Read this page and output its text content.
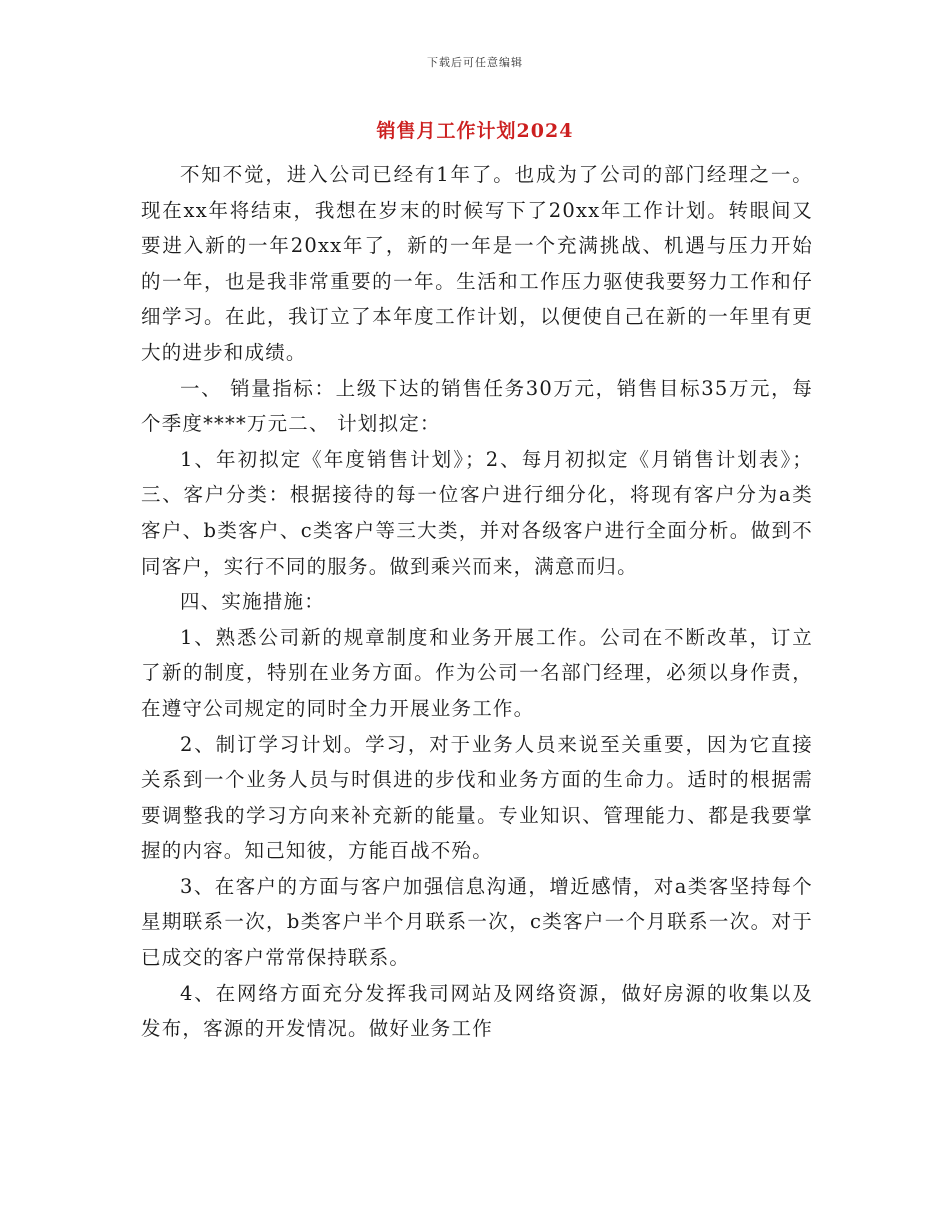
下载后可任意编辑
销售月工作计划2024

不知不觉，进入公司已经有1年了。也成为了公司的部门经理之一。现在xx年将结束，我想在岁末的时候写下了20xx年工作计划。转眼间又要进入新的一年20xx年了，新的一年是一个充满挑战、机遇与压力开始的一年，也是我非常重要的一年。生活和工作压力驱使我要努力工作和仔细学习。在此，我订立了本年度工作计划，以便使自己在新的一年里有更大的进步和成绩。

一、 销量指标：上级下达的销售任务30万元，销售目标35万元，每个季度****万元二、 计划拟定：

1、年初拟定《年度销售计划》；2、每月初拟定《月销售计划表》；三、客户分类：根据接待的每一位客户进行细分化，将现有客户分为a类客户、b类客户、c类客户等三大类，并对各级客户进行全面分析。做到不同客户，实行不同的服务。做到乘兴而来，满意而归。

四、实施措施：

1、熟悉公司新的规章制度和业务开展工作。公司在不断改革，订立了新的制度，特别在业务方面。作为公司一名部门经理，必须以身作责，在遵守公司规定的同时全力开展业务工作。

2、制订学习计划。学习，对于业务人员来说至关重要，因为它直接关系到一个业务人员与时俱进的步伐和业务方面的生命力。适时的根据需要调整我的学习方向来补充新的能量。专业知识、管理能力、都是我要掌握的内容。知己知彼，方能百战不殆。

3、在客户的方面与客户加强信息沟通，增近感情，对a类客坚持每个星期联系一次，b类客户半个月联系一次，c类客户一个月联系一次。对于已成交的客户常常保持联系。

4、在网络方面充分发挥我司网站及网络资源，做好房源的收集以及发布，客源的开发情况。做好业务工作
